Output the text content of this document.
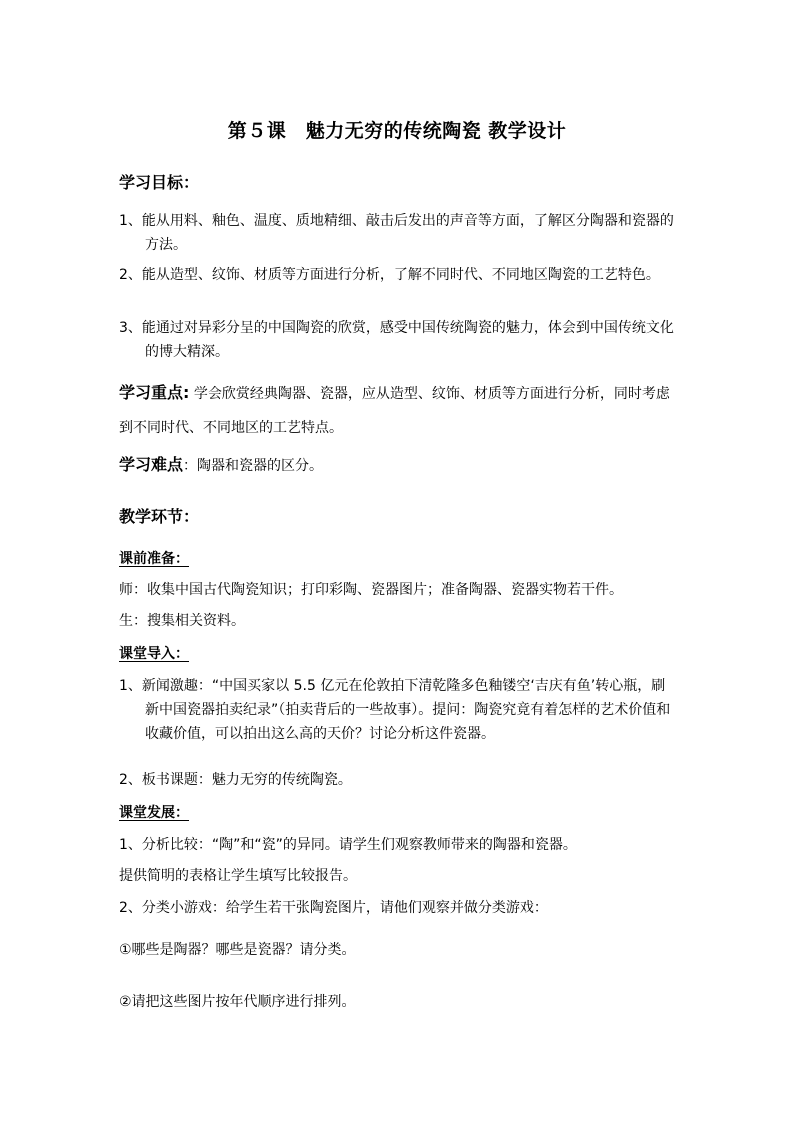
第５课　魅力无穷的传统陶瓷 教学设计
学习目标：
1、能从用料、釉色、温度、质地精细、敲击后发出的声音等方面，了解区分陶器和瓷器的方法。
2、能从造型、纹饰、材质等方面进行分析，了解不同时代、不同地区陶瓷的工艺特色。
3、能通过对异彩分呈的中国陶瓷的欣赏，感受中国传统陶瓷的魅力，体会到中国传统文化的博大精深。
学习重点: 学会欣赏经典陶器、瓷器，应从造型、纹饰、材质等方面进行分析，同时考虑到不同时代、不同地区的工艺特点。
学习难点：陶器和瓷器的区分。
教学环节：
课前准备：
师：收集中国古代陶瓷知识；打印彩陶、瓷器图片；准备陶器、瓷器实物若干件。
生：搜集相关资料。
课堂导入：
1、新闻激趣：“中国买家以 5.5 亿元在伦敦拍下清乾隆多色釉镂空‘吉庆有鱼’转心瓶，刷新中国瓷器拍卖纪录”（拍卖背后的一些故事）。提问：陶瓷究竟有着怎样的艺术价值和收藏价值，可以拍出这么高的天价？讨论分析这件瓷器。
2、板书课题：魅力无穷的传统陶瓷。
课堂发展：
1、分析比较：“陶”和“瓷”的异同。请学生们观察教师带来的陶器和瓷器。
提供简明的表格让学生填写比较报告。
2、分类小游戏：给学生若干张陶瓷图片，请他们观察并做分类游戏：
①哪些是陶器？哪些是瓷器？请分类。
②请把这些图片按年代顺序进行排列。
